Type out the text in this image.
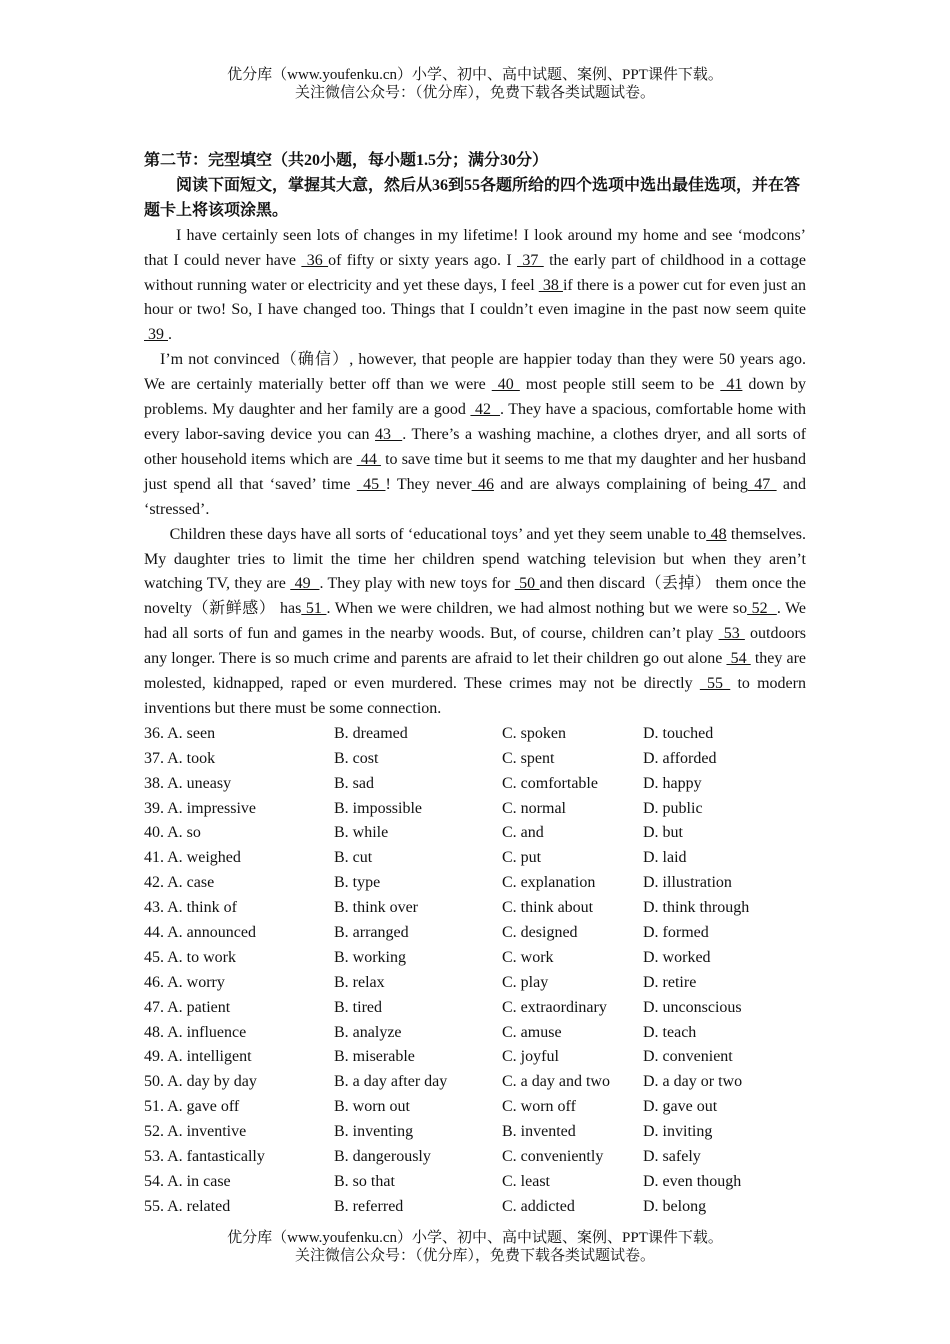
优分库（www.youfenku.cn）小学、初中、高中试题、案例、PPT课件下载。
关注微信公众号：（优分库），免费下载各类试题试卷。

第二节：完型填空（共20小题，每小题1.5分；满分30分）

阅读下面短文，掌握其大意，然后从36到55各题所给的四个选项中选出最佳选项，并在答题卡上将该项涂黑。

I have certainly seen lots of changes in my lifetime! I look around my home and see ‘modcons’ that I could never have  36 of fifty or sixty years ago. I  37  the early part of childhood in a cottage without running water or electricity and yet these days, I feel  38 if there is a power cut for even just an hour or two! So, I have changed too. Things that I couldn’t even imagine in the past now seem quite  39 .

I’m not convinced（确信）, however, that people are happier today than they were 50 years ago. We are certainly materially better off than we were  40  most people still seem to be  41 down by problems. My daughter and her family are a good  42  . They have a spacious, comfortable home with every labor-saving device you can 43  . There’s a washing machine, a clothes dryer, and all sorts of other household items which are  44  to save time but it seems to me that my daughter and her husband just spend all that ‘saved’ time  45 ! They never 46 and are always complaining of being 47  and ‘stressed’.

Children these days have all sorts of ‘educational toys’ and yet they seem unable to 48 themselves. My daughter tries to limit the time her children spend watching television but when they aren’t watching TV, they are  49  . They play with new toys for  50 and then discard（丢掉） them once the novelty（新鲜感） has 51 . When we were children, we had almost nothing but we were so 52  . We had all sorts of fun and games in the nearby woods. But, of course, children can’t play  53  outdoors any longer. There is so much crime and parents are afraid to let their children go out alone  54  they are molested, kidnapped, raped or even murdered. These crimes may not be directly  55  to modern inventions but there must be some connection.

36. A. seen	B. dreamed	C. spoken	D. touched
37. A. took	B. cost	C. spent	D. afforded
38. A. uneasy	B. sad	C. comfortable	D. happy
39. A. impressive	B. impossible	C. normal	D. public
40. A. so	B. while	C. and	D. but
41. A. weighed	B. cut	C. put	D. laid
42. A. case	B. type	C. explanation	D. illustration
43. A. think of	B. think over	C. think about	D. think through
44. A. announced	B. arranged	C. designed	D. formed
45. A. to work	B. working	C. work	D. worked
46. A. worry	B. relax	C. play	D. retire
47. A. patient	B. tired	C. extraordinary	D. unconscious
48. A. influence	B. analyze	C. amuse	D. teach
49. A. intelligent	B. miserable	C. joyful	D. convenient
50. A. day by day	B. a day after day	C. a day and two	D. a day or two
51. A. gave off	B. worn out	C. worn off	D. gave out
52. A. inventive	B. inventing	B. invented	D. inviting
53. A. fantastically	B. dangerously	C. conveniently	D. safely
54. A. in case	B. so that	C. least	D. even though
55. A. related	B. referred	C. addicted	D. belong
优分库（www.youfenku.cn）小学、初中、高中试题、案例、PPT课件下载。
关注微信公众号：（优分库），免费下载各类试题试卷。
